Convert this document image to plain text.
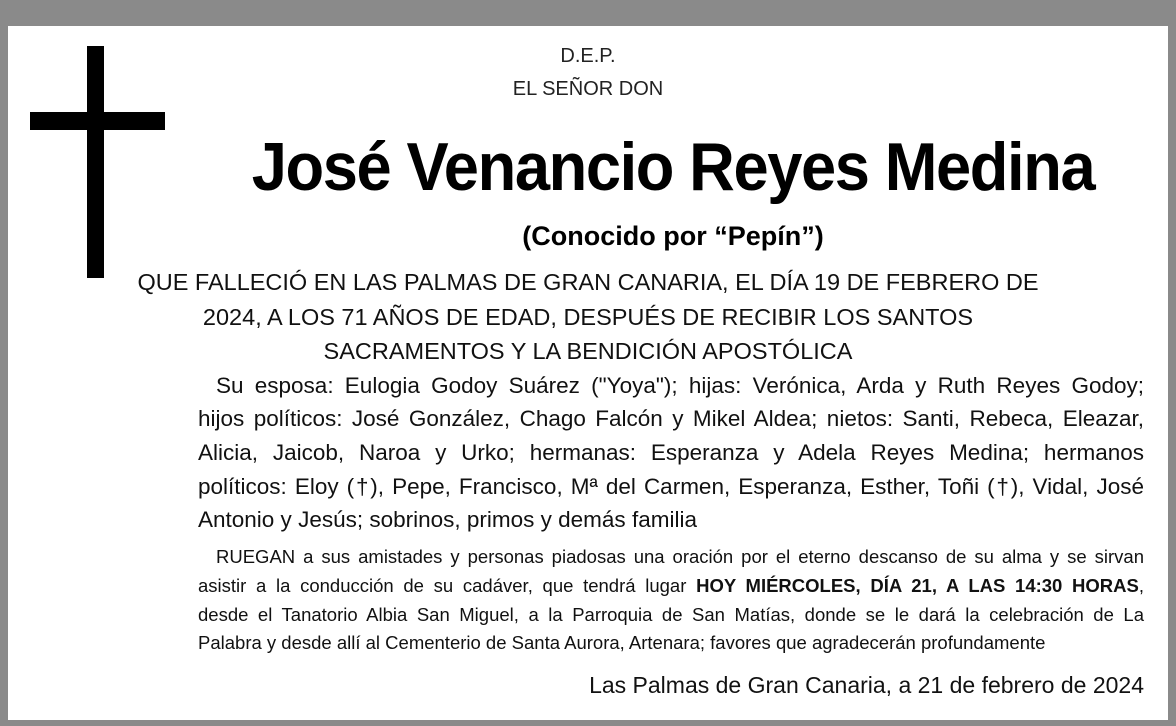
D.E.P.
EL SEÑOR DON
José Venancio Reyes Medina
(Conocido por “Pepín”)
QUE FALLECIÓ EN LAS PALMAS DE GRAN CANARIA, EL DÍA 19 DE FEBRERO DE
2024, A LOS 71 AÑOS DE EDAD, DESPUÉS DE RECIBIR LOS SANTOS
SACRAMENTOS Y LA BENDICIÓN APOSTÓLICA
Su esposa: Eulogia Godoy Suárez ("Yoya"); hijas: Verónica, Arda y Ruth Reyes Godoy;
hijos políticos: José González, Chago Falcón y Mikel Aldea; nietos: Santi, Rebeca, Eleazar,
Alicia, Jaicob, Naroa y Urko; hermanas: Esperanza y Adela Reyes Medina; hermanos
políticos: Eloy (†), Pepe, Francisco, Mª del Carmen, Esperanza, Esther, Toñi (†), Vidal, José
Antonio y Jesús; sobrinos, primos y demás familia
RUEGAN a sus amistades y personas piadosas una oración por el eterno descanso de su alma y se sirvan
asistir a la conducción de su cadáver, que tendrá lugar HOY MIÉRCOLES, DÍA 21, A LAS 14:30 HORAS,
desde el Tanatorio Albia San Miguel, a la Parroquia de San Matías, donde se le dará la celebración de La
Palabra y desde allí al Cementerio de Santa Aurora, Artenara; favores que agradecerán profundamente
Las Palmas de Gran Canaria, a 21 de febrero de 2024
